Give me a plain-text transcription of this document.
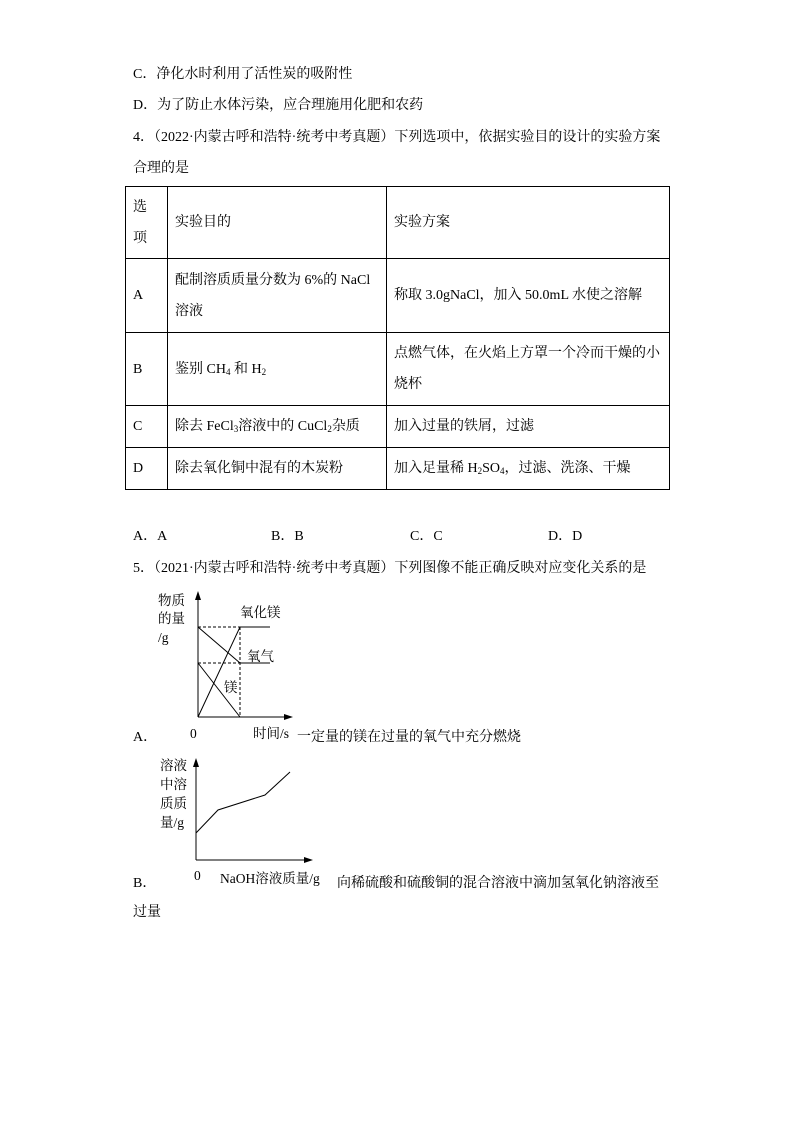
C．净化水时利用了活性炭的吸附性
D．为了防止水体污染，应合理施用化肥和农药
4．（2022·内蒙古呼和浩特·统考中考真题）下列选项中，依据实验目的设计的实验方案
合理的是
选项	实验目的	实验方案
A	配制溶质质量分数为 6%的 NaCl 溶液	称取 3.0gNaCl，加入 50.0mL 水使之溶解
B	鉴别 $CH_4$ 和 $H_2$	点燃气体，在火焰上方罩一个冷而干燥的小烧杯
C	除去 FeCl$_3$溶液中的 CuCl$_2$杂质	加入过量的铁屑，过滤
D	除去氧化铜中混有的木炭粉	加入足量稀 $H_2SO_4$，过滤、洗涤、干燥
A．A	B．B	C．C	D．D
5．（2021·内蒙古呼和浩特·统考中考真题）下列图像不能正确反映对应变化关系的是
物质
的量
/g
氧化镁
氧气
镁
0	时间/s
A．	一定量的镁在过量的氧气中充分燃烧
溶液
中溶
质质
量/g
0 NaOH溶液质量/g
B．	向稀硫酸和硫酸铜的混合溶液中滴加氢氧化钠溶液至
过量
